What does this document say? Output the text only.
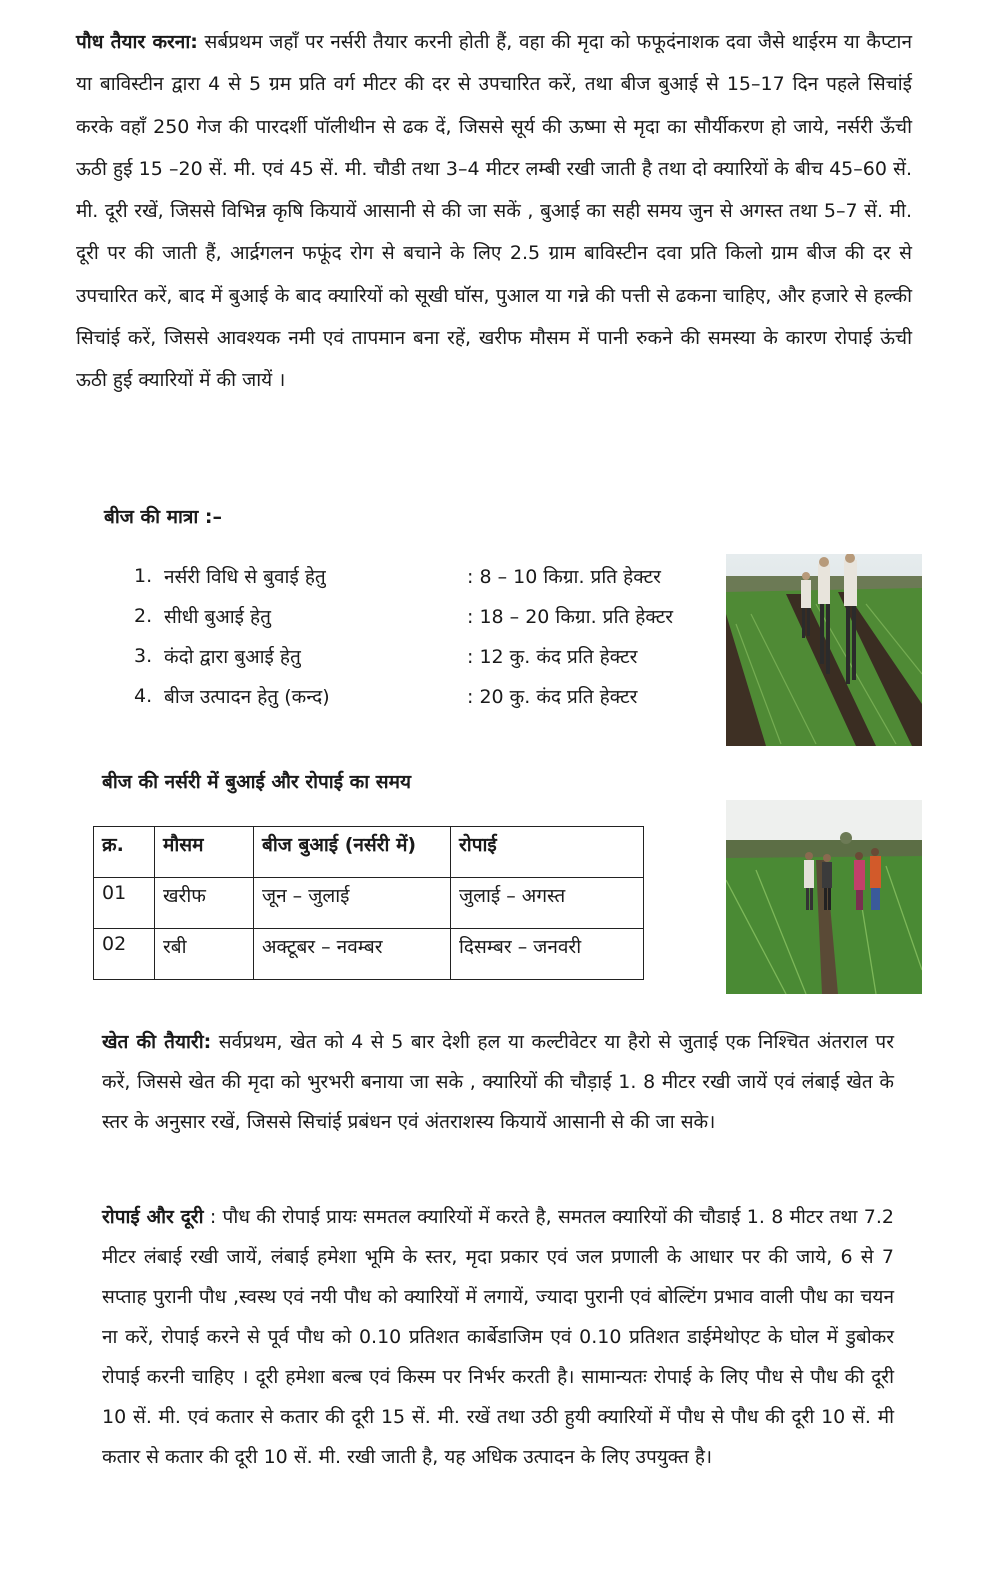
पौध तैयार करना: सर्बप्रथम जहाँ पर नर्सरी तैयार करनी होती हैं, वहा की मृदा को फफूदंनाशक दवा जैसे थाईरम या कैप्टान या बाविस्टीन द्वारा 4 से 5 ग्रम प्रति वर्ग मीटर की दर से उपचारित करें, तथा बीज बुआई से 15–17 दिन पहले सिचांई करके वहाँ 250 गेज की पारदर्शी पॉलीथीन से ढक दें, जिससे सूर्य की ऊष्मा से मृदा का सौर्यीकरण हो जाये, नर्सरी ऊँची ऊठी हुई 15 –20 सें. मी. एवं 45 सें. मी. चौडी तथा 3–4 मीटर लम्बी रखी जाती है तथा दो क्यारियों के बीच 45–60 सें. मी. दूरी रखें, जिससे विभिन्न कृषि कियायें आसानी से की जा सकें , बुआई का सही समय जुन से अगस्त तथा 5–7 सें. मी. दूरी पर की जाती हैं, आर्द्रगलन फफूंद रोग से बचाने के लिए 2.5 ग्राम बाविस्टीन दवा प्रति किलो ग्राम बीज की दर से उपचारित करें, बाद में बुआई के बाद क्यारियों को सूखी घॉस, पुआल या गन्ने की पत्ती से ढकना चाहिए, और हजारे से हल्की सिचांई करें, जिससे आवश्यक नमी एवं तापमान बना रहें, खरीफ मौसम में पानी रुकने की समस्या के कारण रोपाई ऊंची ऊठी हुई क्यारियों में की जायें ।

बीज की मात्रा :–
1. नर्सरी विधि से बुवाई हेतु	: 8 – 10 किग्रा. प्रति हेक्टर
2. सीधी बुआई हेतु	: 18 – 20 किग्रा. प्रति हेक्टर
3. कंदो द्वारा बुआई हेतु	: 12 कु. कंद प्रति हेक्टर
4. बीज उत्पादन हेतु (कन्द)	: 20 कु. कंद प्रति हेक्टर
बीज की नर्सरी में बुआई और रोपाई का समय
क्र.	मौसम	बीज बुआई (नर्सरी में)	रोपाई
01	खरीफ	जून – जुलाई	जुलाई – अगस्त
02	रबी	अक्टूबर – नवम्बर	दिसम्बर – जनवरी

खेत की तैयारी: सर्वप्रथम, खेत को 4 से 5 बार देशी हल या कल्टीवेटर या हैरो से जुताई एक निश्चित अंतराल पर करें, जिससे खेत की मृदा को भुरभरी बनाया जा सके , क्यारियों की चौड़ाई 1. 8 मीटर रखी जायें एवं लंबाई खेत के स्तर के अनुसार रखें, जिससे सिचांई प्रबंधन एवं अंतराशस्य कियायें आसानी से की जा सके।

रोपाई और दूरी : पौध की रोपाई प्रायः समतल क्यारियों में करते है, समतल क्यारियों की चौडाई 1. 8 मीटर तथा 7.2 मीटर लंबाई रखी जायें, लंबाई हमेशा भूमि के स्तर, मृदा प्रकार एवं जल प्रणाली के आधार पर की जाये, 6 से 7 सप्ताह पुरानी पौध ,स्वस्थ एवं नयी पौध को क्यारियों में लगायें, ज्यादा पुरानी एवं बोल्टिंग प्रभाव वाली पौध का चयन ना करें, रोपाई करने से पूर्व पौध को 0.10 प्रतिशत कार्बेडाजिम एवं 0.10 प्रतिशत डाईमेथोएट के घोल में डुबोकर रोपाई करनी चाहिए । दूरी हमेशा बल्ब एवं किस्म पर निर्भर करती है। सामान्यतः रोपाई के लिए पौध से पौध की दूरी 10 सें. मी. एवं कतार से कतार की दूरी 15 सें. मी. रखें तथा उठी हुयी क्यारियों में पौध से पौध की दूरी 10 सें. मी कतार से कतार की दूरी 10 सें. मी. रखी जाती है, यह अधिक उत्पादन के लिए उपयुक्त है।
